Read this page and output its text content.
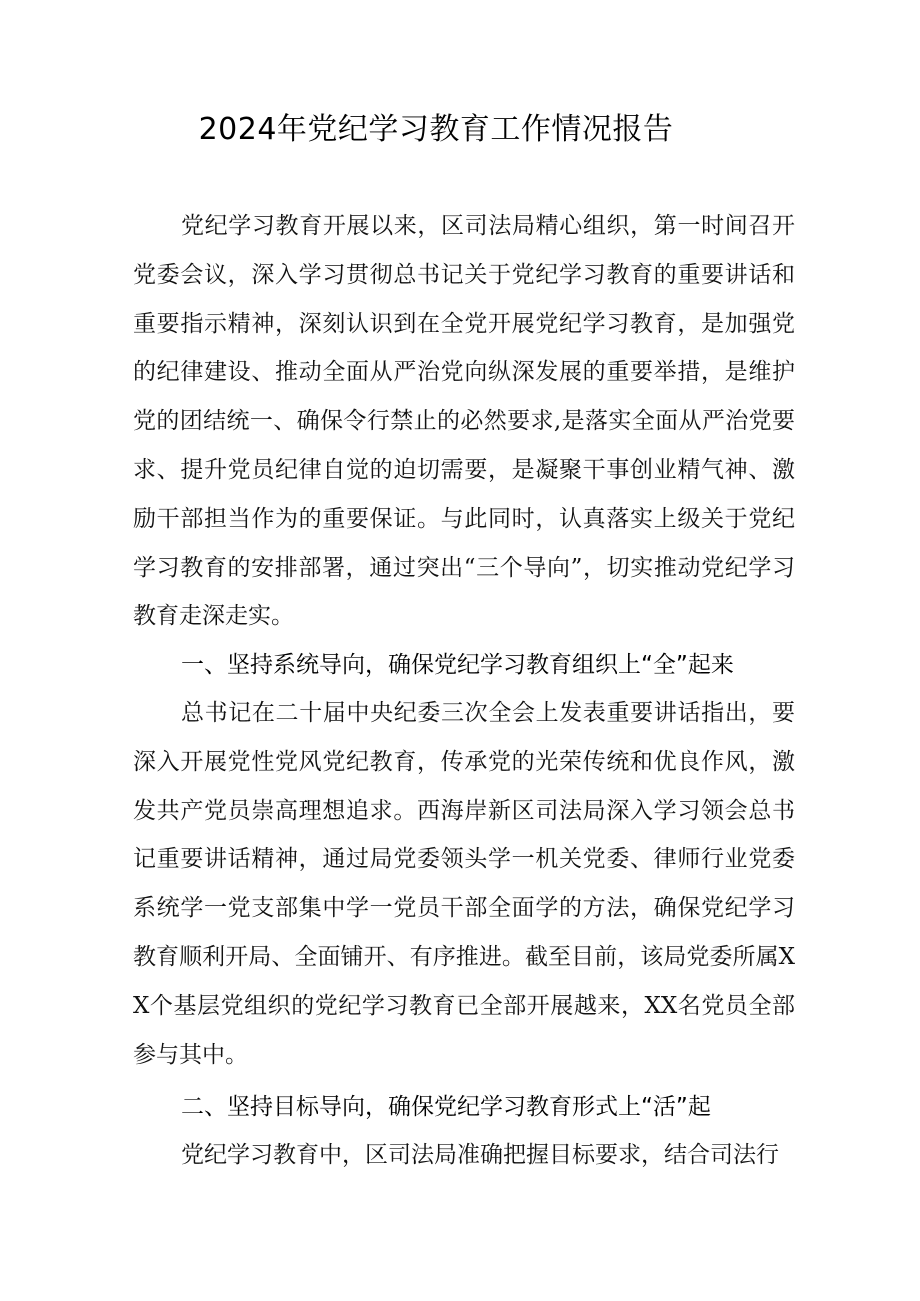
2024年党纪学习教育工作情况报告

党纪学习教育开展以来，区司法局精心组织，第一时间召开党委会议，深入学习贯彻总书记关于党纪学习教育的重要讲话和重要指示精神，深刻认识到在全党开展党纪学习教育，是加强党的纪律建设、推动全面从严治党向纵深发展的重要举措，是维护党的团结统一、确保令行禁止的必然要求,是落实全面从严治党要求、提升党员纪律自觉的迫切需要，是凝聚干事创业精气神、激励干部担当作为的重要保证。与此同时，认真落实上级关于党纪学习教育的安排部署，通过突出“三个导向”，切实推动党纪学习教育走深走实。

一、坚持系统导向，确保党纪学习教育组织上“全”起来

总书记在二十届中央纪委三次全会上发表重要讲话指出，要深入开展党性党风党纪教育，传承党的光荣传统和优良作风，激发共产党员崇高理想追求。西海岸新区司法局深入学习领会总书记重要讲话精神，通过局党委领头学一机关党委、律师行业党委系统学一党支部集中学一党员干部全面学的方法，确保党纪学习教育顺利开局、全面铺开、有序推进。截至目前，该局党委所属XX个基层党组织的党纪学习教育已全部开展越来，XX名党员全部参与其中。

二、坚持目标导向，确保党纪学习教育形式上“活”起

党纪学习教育中，区司法局准确把握目标要求，结合司法行
